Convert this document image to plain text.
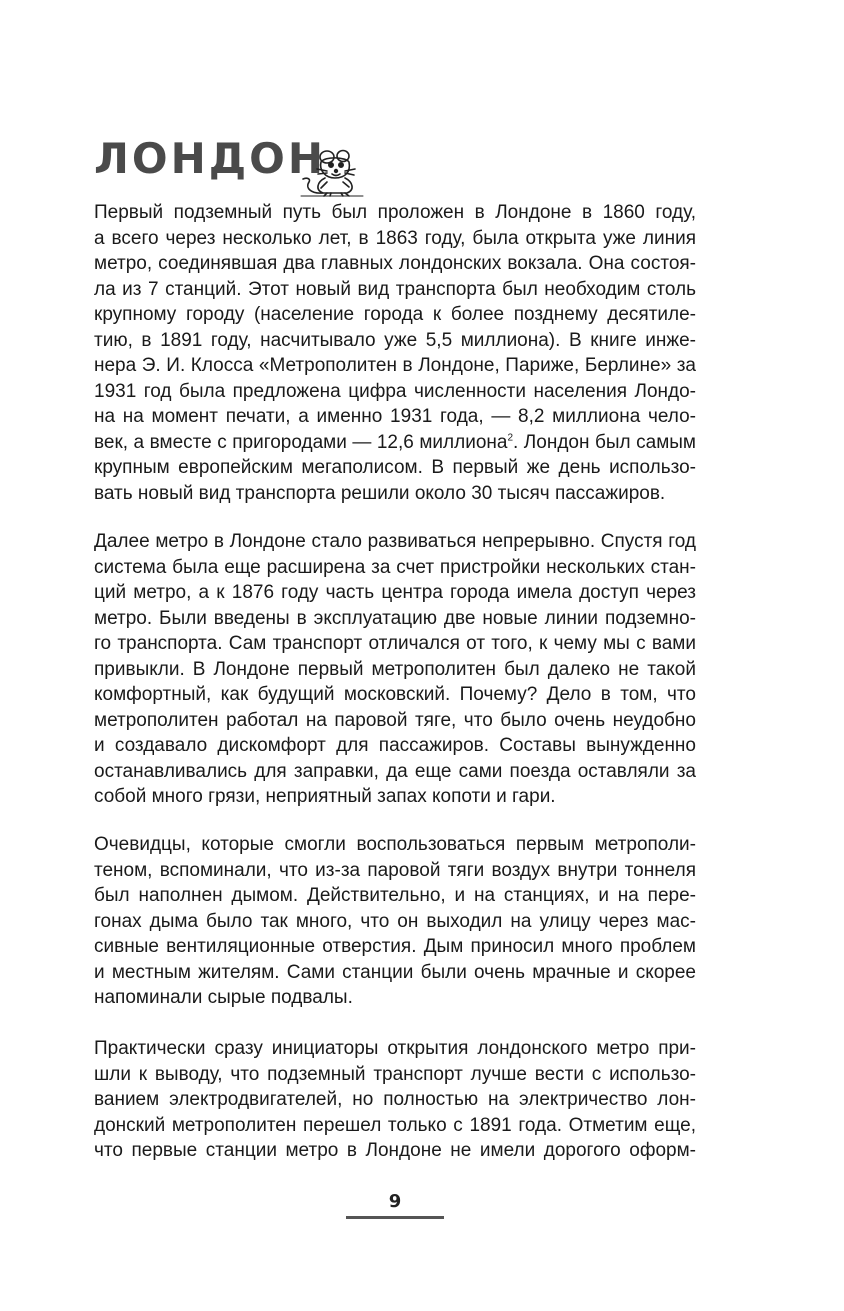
ЛОНДОН
Первый подземный путь был проложен в Лондоне в 1860 году,
а всего через несколько лет, в 1863 году, была открыта уже линия
метро, соединявшая два главных лондонских вокзала. Она состоя-
ла из 7 станций. Этот новый вид транспорта был необходим столь
крупному городу (население города к более позднему десятиле-
тию, в 1891 году, насчитывало уже 5,5 миллиона). В книге инже-
нера Э. И. Клосса «Метрополитен в Лондоне, Париже, Берлине» за
1931 год была предложена цифра численности населения Лондо-
на на момент печати, а именно 1931 года, — 8,2 миллиона чело-
век, а вместе с пригородами — 12,6 миллиона$^2$. Лондон был самым
крупным европейским мегаполисом. В первый же день использо-
вать новый вид транспорта решили около 30 тысяч пассажиров.
Далее метро в Лондоне стало развиваться непрерывно. Спустя год
система была еще расширена за счет пристройки нескольких стан-
ций метро, а к 1876 году часть центра города имела доступ через
метро. Были введены в эксплуатацию две новые линии подземно-
го транспорта. Сам транспорт отличался от того, к чему мы с вами
привыкли. В Лондоне первый метрополитен был далеко не такой
комфортный, как будущий московский. Почему? Дело в том, что
метрополитен работал на паровой тяге, что было очень неудобно
и создавало дискомфорт для пассажиров. Составы вынужденно
останавливались для заправки, да еще сами поезда оставляли за
собой много грязи, неприятный запах копоти и гари.
Очевидцы, которые смогли воспользоваться первым метрополи-
теном, вспоминали, что из-за паровой тяги воздух внутри тоннеля
был наполнен дымом. Действительно, и на станциях, и на пере-
гонах дыма было так много, что он выходил на улицу через мас-
сивные вентиляционные отверстия. Дым приносил много проблем
и местным жителям. Сами станции были очень мрачные и скорее
напоминали сырые подвалы.
Практически сразу инициаторы открытия лондонского метро при-
шли к выводу, что подземный транспорт лучше вести с использо-
ванием электродвигателей, но полностью на электричество лон-
донский метрополитен перешел только с 1891 года. Отметим еще,
что первые станции метро в Лондоне не имели дорогого оформ-
9
